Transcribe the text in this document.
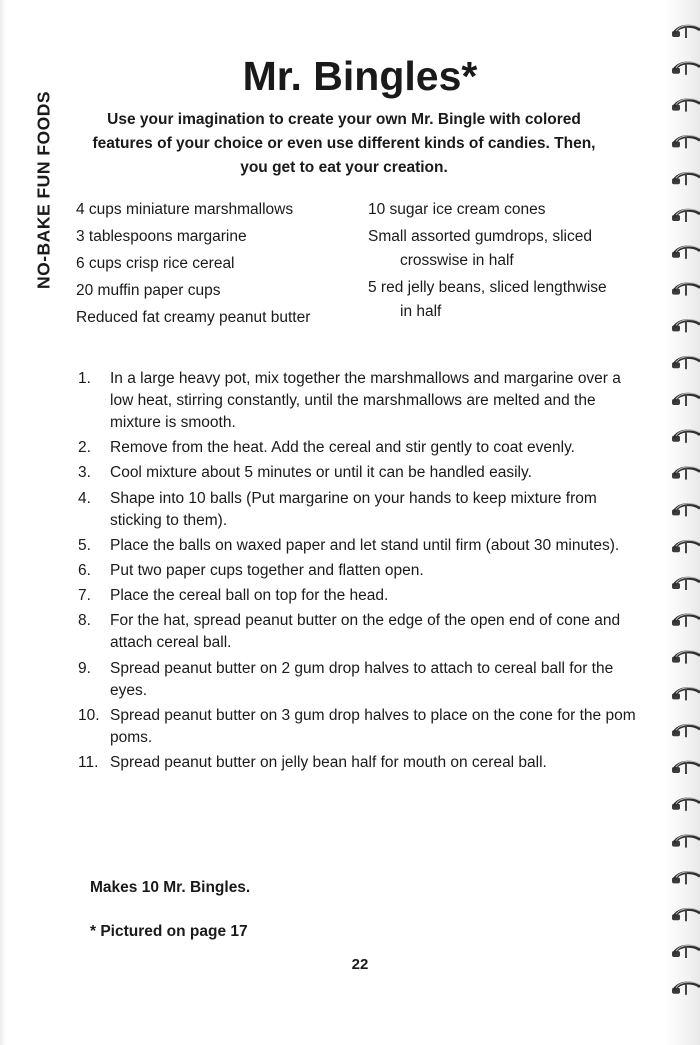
NO-BAKE FUN FOODS
Mr. Bingles*

Use your imagination to create your own Mr. Bingle with colored features of your choice or even use different kinds of candies. Then, you get to eat your creation.

4 cups miniature marshmallows
3 tablespoons margarine
6 cups crisp rice cereal
20 muffin paper cups
Reduced fat creamy peanut butter
10 sugar ice cream cones
Small assorted gumdrops, sliced crosswise in half
5 red jelly beans, sliced lengthwise in half
1. In a large heavy pot, mix together the marshmallows and margarine over a low heat, stirring constantly, until the marshmallows are melted and the mixture is smooth.
2. Remove from the heat. Add the cereal and stir gently to coat evenly.
3. Cool mixture about 5 minutes or until it can be handled easily.
4. Shape into 10 balls (Put margarine on your hands to keep mixture from sticking to them).
5. Place the balls on waxed paper and let stand until firm (about 30 minutes).
6. Put two paper cups together and flatten open.
7. Place the cereal ball on top for the head.
8. For the hat, spread peanut butter on the edge of the open end of cone and attach cereal ball.
9. Spread peanut butter on 2 gum drop halves to attach to cereal ball for the eyes.
10. Spread peanut butter on 3 gum drop halves to place on the cone for the pom poms.
11. Spread peanut butter on jelly bean half for mouth on cereal ball.
Makes 10 Mr. Bingles.
* Pictured on page 17
22
